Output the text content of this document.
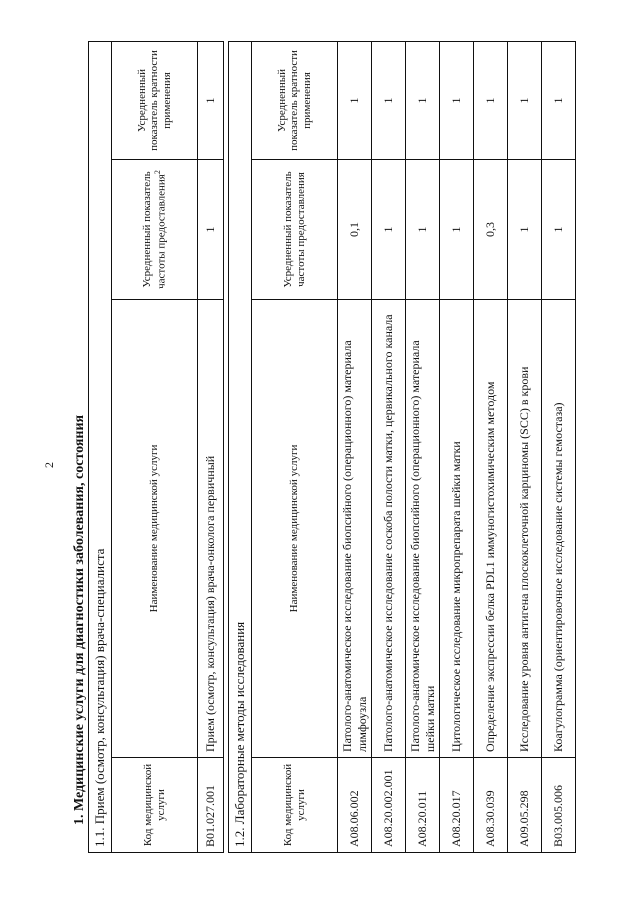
2 1. Медицинские услуги для диагностики заболевания, состояния 1.1. Прием (осмотр, консультация) врача-специалиста			
Код медицинской услуги	Наименование медицинской услуги	Усредненный показатель частоты предоставления$^2$	Усредненный показатель кратности применения
B01.027.001	Прием (осмотр, консультация) врача-онколога первичный	1	1
1.2. Лабораторные методы исследования			
Код медицинской услуги	Наименование медицинской услуги	Усредненный показатель частоты предоставления	Усредненный показатель кратности применения
A08.06.002	Патолого-анатомическое исследование биопсийного (операционного) материала лимфоузла	0,1	1
A08.20.002.001	Патолого-анатомическое исследование соскоба полости матки, цервикального канала	1	1
A08.20.011	Патолого-анатомическое исследование биопсийного (операционного) материала шейки матки	1	1
A08.20.017	Цитологическое исследование микропрепарата шейки матки	1	1
A08.30.039	Определение экспрессии белка PDL1 иммуногистохимическим методом	0,3	1
A09.05.298	Исследование уровня антигена плоскоклеточной карциномы (SCC) в крови	1	1
B03.005.006	Коагулограмма (ориентировочное исследование системы гемостаза)	1	1
